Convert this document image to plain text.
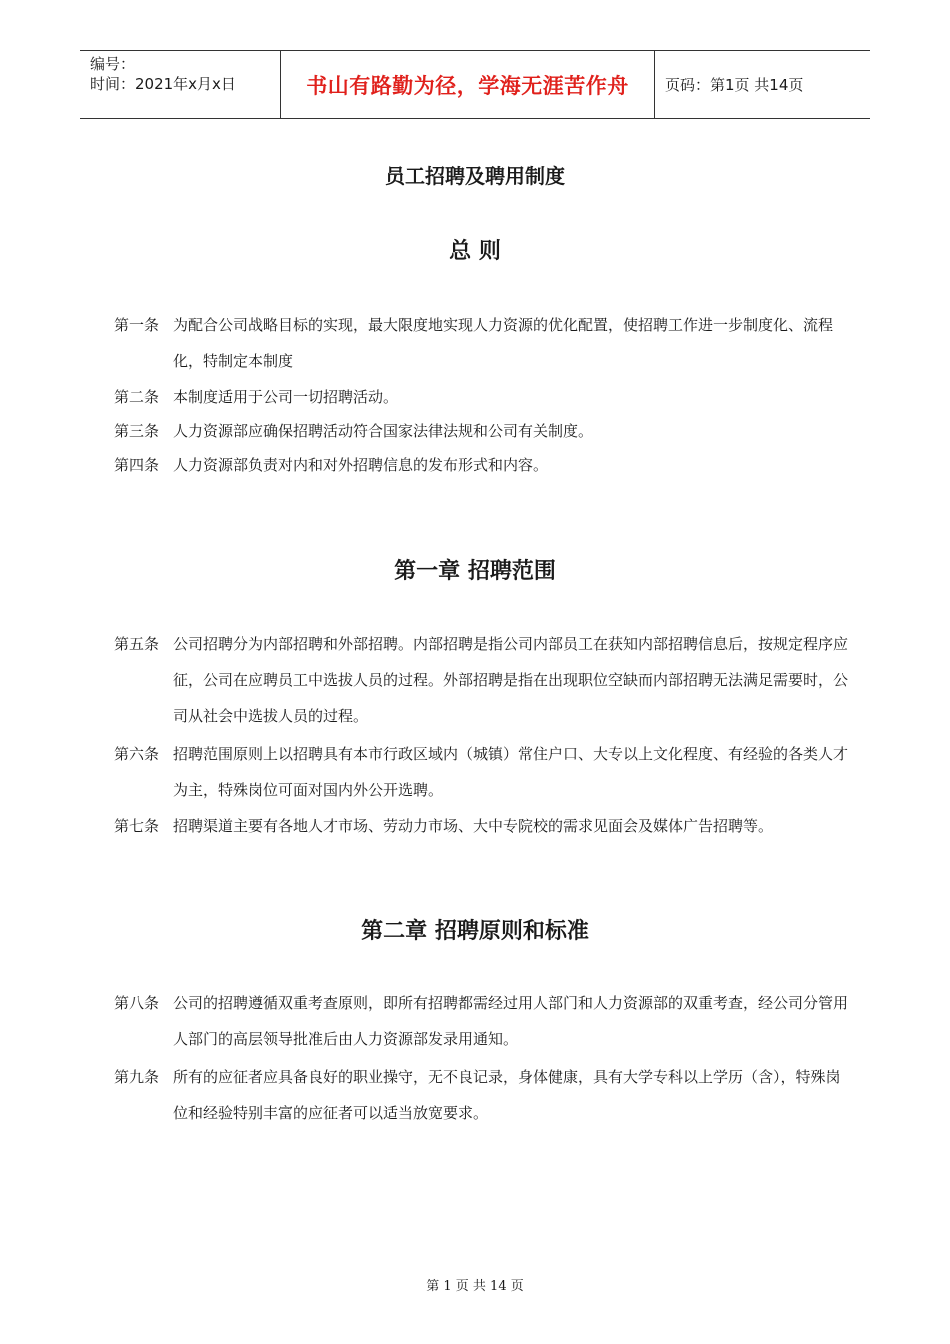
编号：
时间：2021年x月x日	书山有路勤为径，学海无涯苦作舟 页码：第1页 共14页
员工招聘及聘用制度
总 则
第一条 为配合公司战略目标的实现，最大限度地实现人力资源的优化配置，使招聘工作进一步制度化、流程化，特制定本制度
第二条 本制度适用于公司一切招聘活动。
第三条 人力资源部应确保招聘活动符合国家法律法规和公司有关制度。
第四条 人力资源部负责对内和对外招聘信息的发布形式和内容。
第一章 招聘范围
第五条 公司招聘分为内部招聘和外部招聘。内部招聘是指公司内部员工在获知内部招聘信息后，按规定程序应征，公司在应聘员工中选拔人员的过程。外部招聘是指在出现职位空缺而内部招聘无法满足需要时，公司从社会中选拔人员的过程。
第六条 招聘范围原则上以招聘具有本市行政区域内（城镇）常住户口、大专以上文化程度、有经验的各类人才为主，特殊岗位可面对国内外公开选聘。
第七条 招聘渠道主要有各地人才市场、劳动力市场、大中专院校的需求见面会及媒体广告招聘等。
第二章 招聘原则和标准
第八条 公司的招聘遵循双重考查原则，即所有招聘都需经过用人部门和人力资源部的双重考查，经公司分管用人部门的高层领导批准后由人力资源部发录用通知。
第九条 所有的应征者应具备良好的职业操守，无不良记录，身体健康，具有大学专科以上学历（含），特殊岗位和经验特别丰富的应征者可以适当放宽要求。
第 1 页 共 14 页
